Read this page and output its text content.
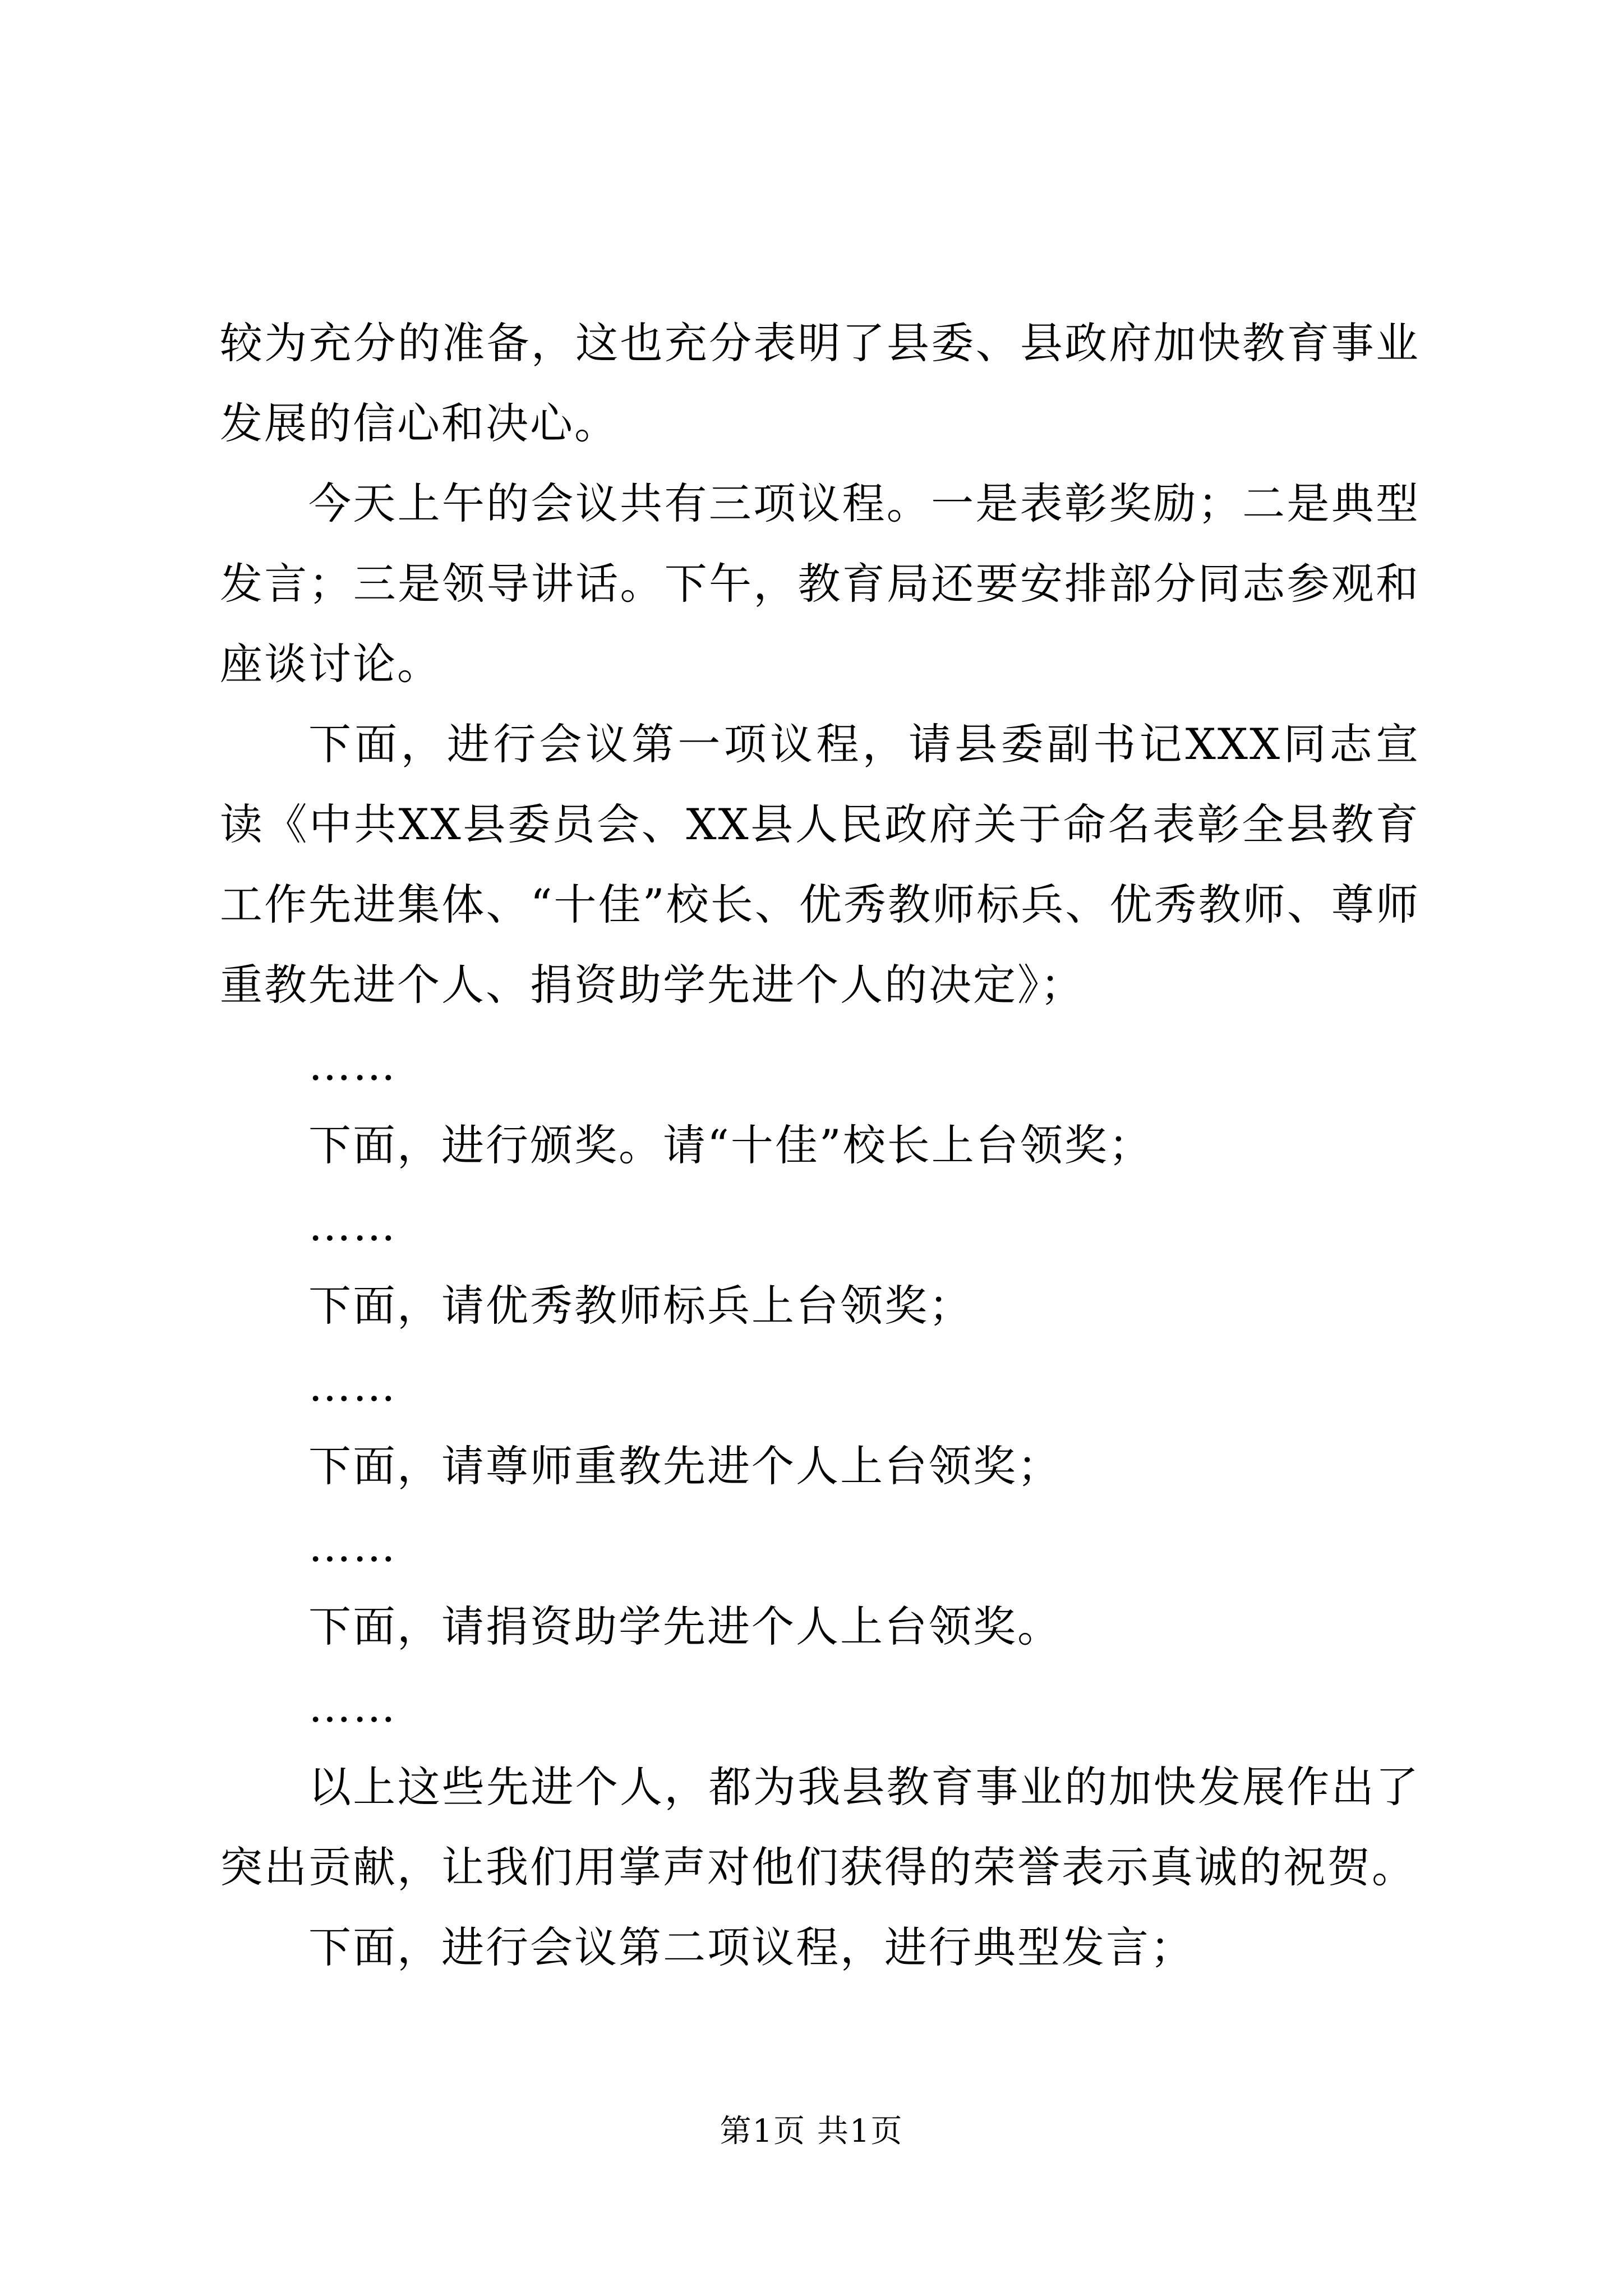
较为充分的准备，这也充分表明了县委、县政府加快教育事业发展的信心和决心。

今天上午的会议共有三项议程。一是表彰奖励；二是典型发言；三是领导讲话。下午，教育局还要安排部分同志参观和座谈讨论。

下面，进行会议第一项议程，请县委副书记XXX同志宣读《中共XX县委员会、XX县人民政府关于命名表彰全县教育工作先进集体、“十佳”校长、优秀教师标兵、优秀教师、尊师重教先进个人、捐资助学先进个人的决定》；

……

下面，进行颁奖。请“十佳”校长上台领奖；

……

下面，请优秀教师标兵上台领奖；

……

下面，请尊师重教先进个人上台领奖；

……

下面，请捐资助学先进个人上台领奖。

……

以上这些先进个人，都为我县教育事业的加快发展作出了突出贡献，让我们用掌声对他们获得的荣誉表示真诚的祝贺。

下面，进行会议第二项议程，进行典型发言；

第1页 共1页
